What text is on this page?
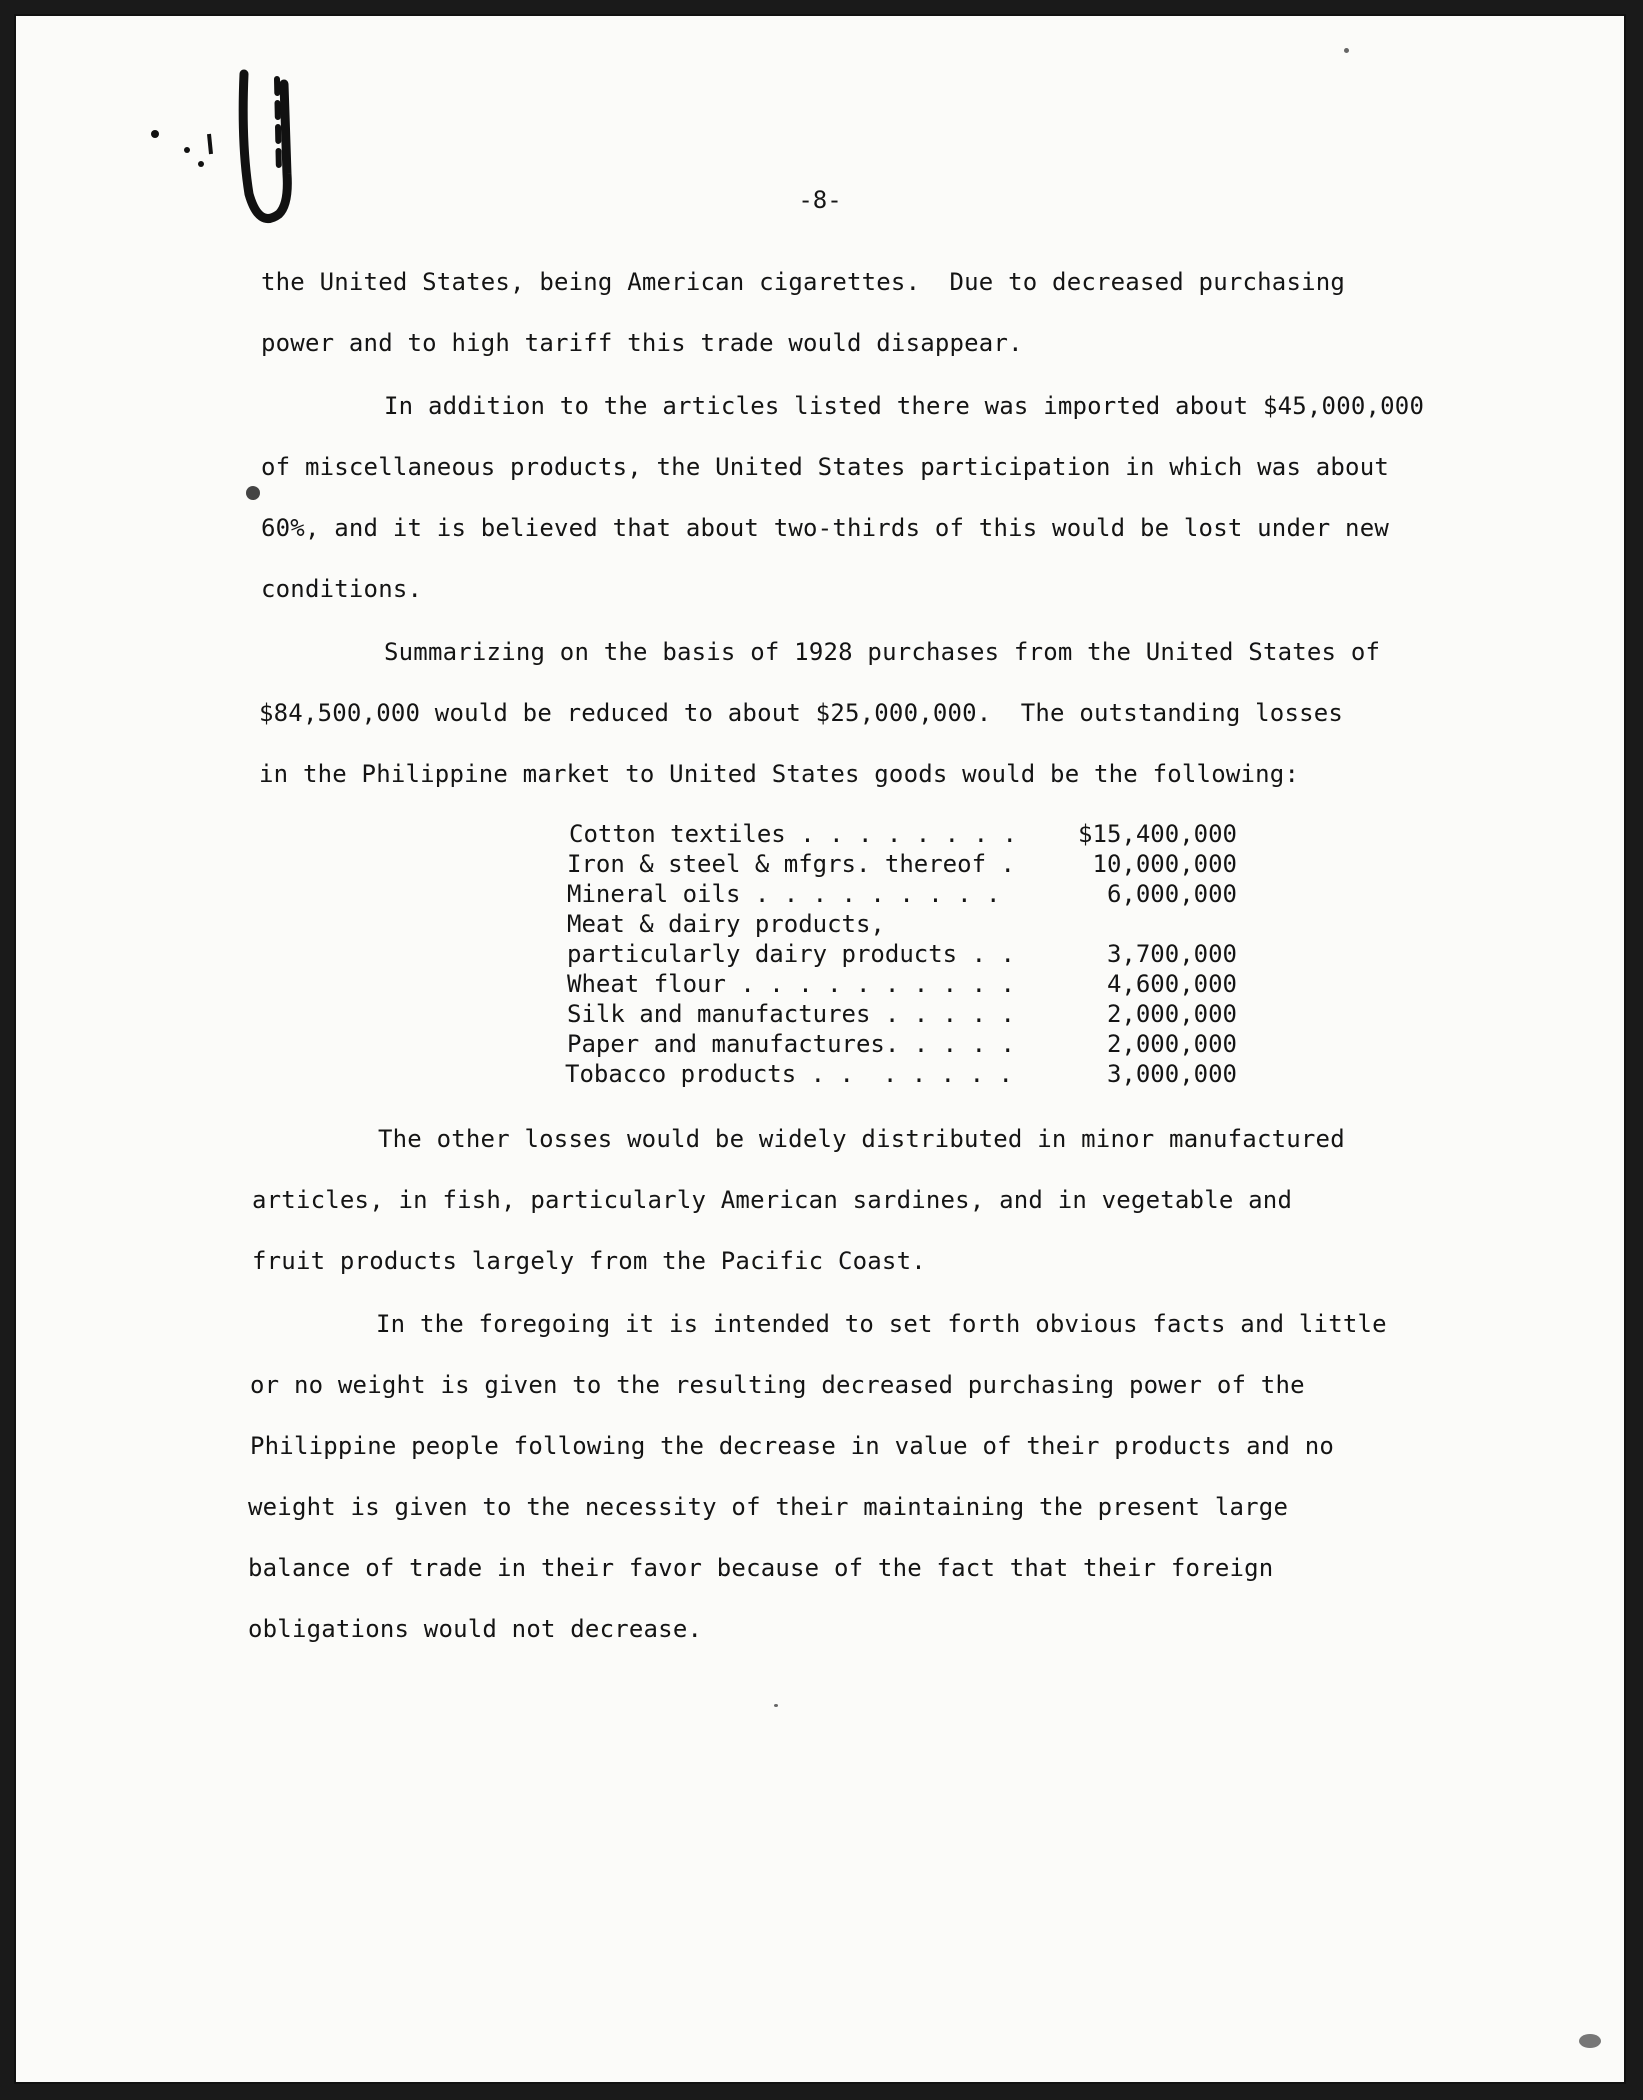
-8-
the United States, being American cigarettes.  Due to decreased purchasing
power and to high tariff this trade would disappear.
In addition to the articles listed there was imported about $45,000,000
of miscellaneous products, the United States participation in which was about
60%, and it is believed that about two-thirds of this would be lost under new
conditions.
Summarizing on the basis of 1928 purchases from the United States of
$84,500,000 would be reduced to about $25,000,000.  The outstanding losses
in the Philippine market to United States goods would be the following:
Cotton textiles . . . . . . . .	$15,400,000
Iron & steel & mfgrs. thereof .	10,000,000
Mineral oils . . . . . . . . .	6,000,000
Meat & dairy products,
particularly dairy products . .	3,700,000
Wheat flour . . . . . . . . . .	4,600,000
Silk and manufactures . . . . .	2,000,000
Paper and manufactures. . . . .	2,000,000
Tobacco products . .  . . . . .	3,000,000
The other losses would be widely distributed in minor manufactured
articles, in fish, particularly American sardines, and in vegetable and
fruit products largely from the Pacific Coast.
In the foregoing it is intended to set forth obvious facts and little
or no weight is given to the resulting decreased purchasing power of the
Philippine people following the decrease in value of their products and no
weight is given to the necessity of their maintaining the present large
balance of trade in their favor because of the fact that their foreign
obligations would not decrease.
